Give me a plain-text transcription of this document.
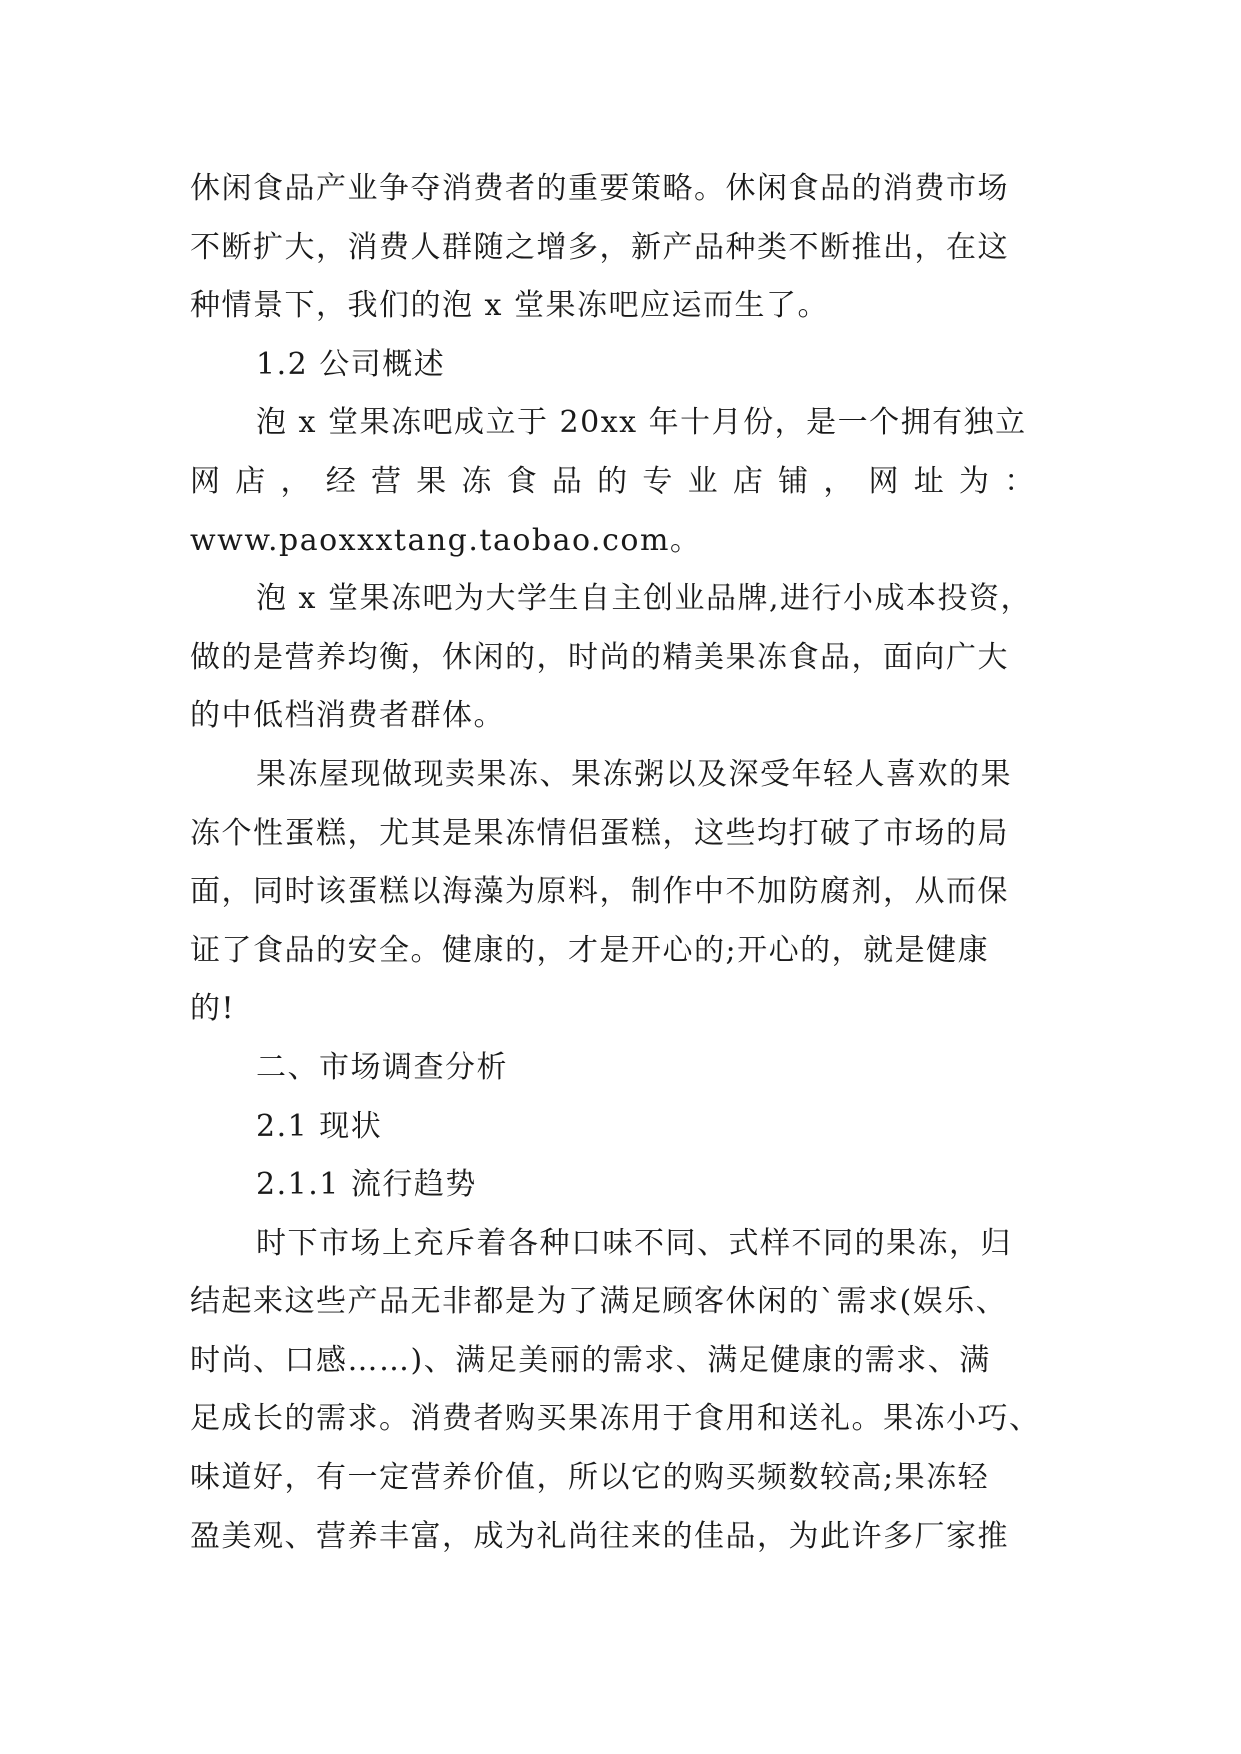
休闲食品产业争夺消费者的重要策略。休闲食品的消费市场
不断扩大，消费人群随之增多，新产品种类不断推出，在这
种情景下，我们的泡 x 堂果冻吧应运而生了。
1.2 公司概述
泡 x 堂果冻吧成立于 20xx 年十月份，是一个拥有独立
网店，经营果冻食品的专业店铺，网址为：
www.paoxxxtang.taobao.com。
泡 x 堂果冻吧为大学生自主创业品牌,进行小成本投资，
做的是营养均衡，休闲的，时尚的精美果冻食品，面向广大
的中低档消费者群体。
果冻屋现做现卖果冻、果冻粥以及深受年轻人喜欢的果
冻个性蛋糕，尤其是果冻情侣蛋糕，这些均打破了市场的局
面，同时该蛋糕以海藻为原料，制作中不加防腐剂，从而保
证了食品的安全。健康的，才是开心的;开心的，就是健康
的!
二、市场调查分析
2.1 现状
2.1.1 流行趋势
时下市场上充斥着各种口味不同、式样不同的果冻，归
结起来这些产品无非都是为了满足顾客休闲的`需求(娱乐、
时尚、口感……)、满足美丽的需求、满足健康的需求、满
足成长的需求。消费者购买果冻用于食用和送礼。果冻小巧、
味道好，有一定营养价值，所以它的购买频数较高;果冻轻
盈美观、营养丰富，成为礼尚往来的佳品，为此许多厂家推
